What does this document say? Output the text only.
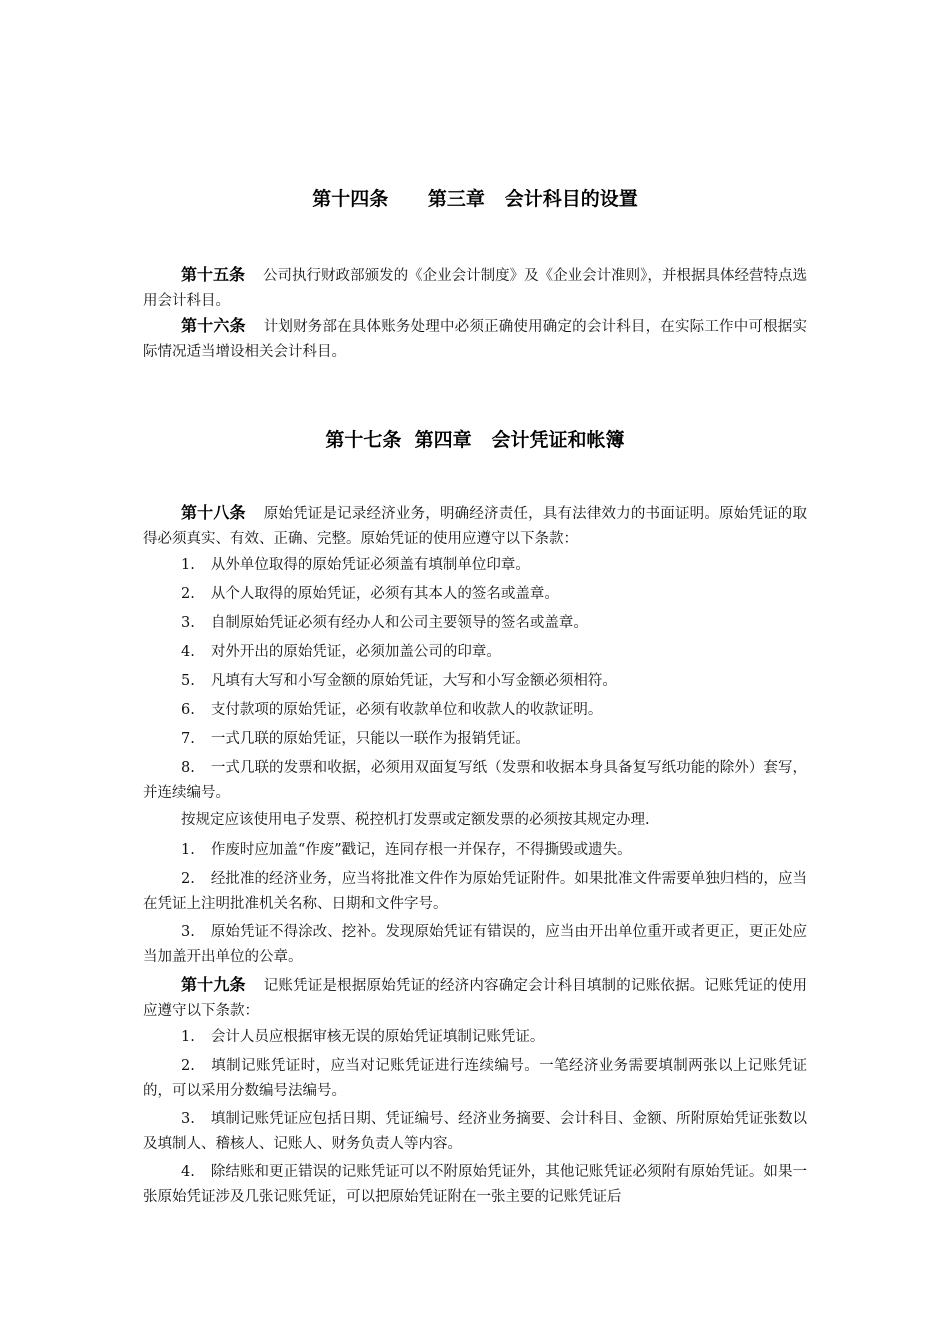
第十四条 第三章 会计科目的设置
第十五条 公司执行财政部颁发的《企业会计制度》及《企业会计准则》，并根据具体经营特点选用会计科目。
第十六条 计划财务部在具体账务处理中必须正确使用确定的会计科目，在实际工作中可根据实际情况适当增设相关会计科目。
第十七条 第四章 会计凭证和帐簿
第十八条 原始凭证是记录经济业务，明确经济责任，具有法律效力的书面证明。原始凭证的取得必须真实、有效、正确、完整。原始凭证的使用应遵守以下条款：
1. 从外单位取得的原始凭证必须盖有填制单位印章。
2. 从个人取得的原始凭证，必须有其本人的签名或盖章。
3. 自制原始凭证必须有经办人和公司主要领导的签名或盖章。
4. 对外开出的原始凭证，必须加盖公司的印章。
5. 凡填有大写和小写金额的原始凭证，大写和小写金额必须相符。
6. 支付款项的原始凭证，必须有收款单位和收款人的收款证明。
7. 一式几联的原始凭证，只能以一联作为报销凭证。
8. 一式几联的发票和收据，必须用双面复写纸（发票和收据本身具备复写纸功能的除外）套写，并连续编号。
按规定应该使用电子发票、税控机打发票或定额发票的必须按其规定办理.
1. 作废时应加盖“作废”戳记，连同存根一并保存，不得撕毁或遗失。
2. 经批准的经济业务，应当将批准文件作为原始凭证附件。如果批准文件需要单独归档的，应当在凭证上注明批准机关名称、日期和文件字号。
3. 原始凭证不得涂改、挖补。发现原始凭证有错误的，应当由开出单位重开或者更正，更正处应当加盖开出单位的公章。
第十九条 记账凭证是根据原始凭证的经济内容确定会计科目填制的记账依据。记账凭证的使用应遵守以下条款：
1. 会计人员应根据审核无误的原始凭证填制记账凭证。
2. 填制记账凭证时，应当对记账凭证进行连续编号。一笔经济业务需要填制两张以上记账凭证的，可以采用分数编号法编号。
3. 填制记账凭证应包括日期、凭证编号、经济业务摘要、会计科目、金额、所附原始凭证张数以及填制人、稽核人、记账人、财务负责人等内容。
4. 除结账和更正错误的记账凭证可以不附原始凭证外，其他记账凭证必须附有原始凭证。如果一张原始凭证涉及几张记账凭证，可以把原始凭证附在一张主要的记账凭证后
